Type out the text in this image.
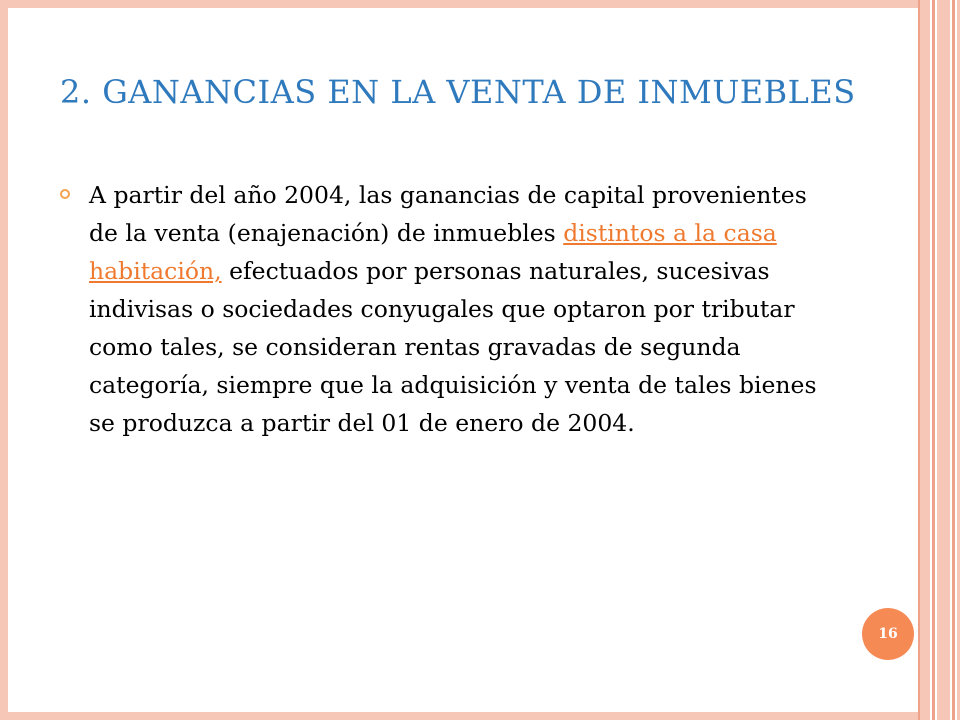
2. GANANCIAS EN LA VENTA DE INMUEBLES
A partir del año 2004, las ganancias de capital provenientes de la venta (enajenación) de inmuebles distintos a la casa habitación, efectuados por personas naturales, sucesivas indivisas o sociedades conyugales que optaron por tributar como tales, se consideran rentas gravadas de segunda categoría, siempre que la adquisición y venta de tales bienes se produzca a partir del 01 de enero de 2004.
16
